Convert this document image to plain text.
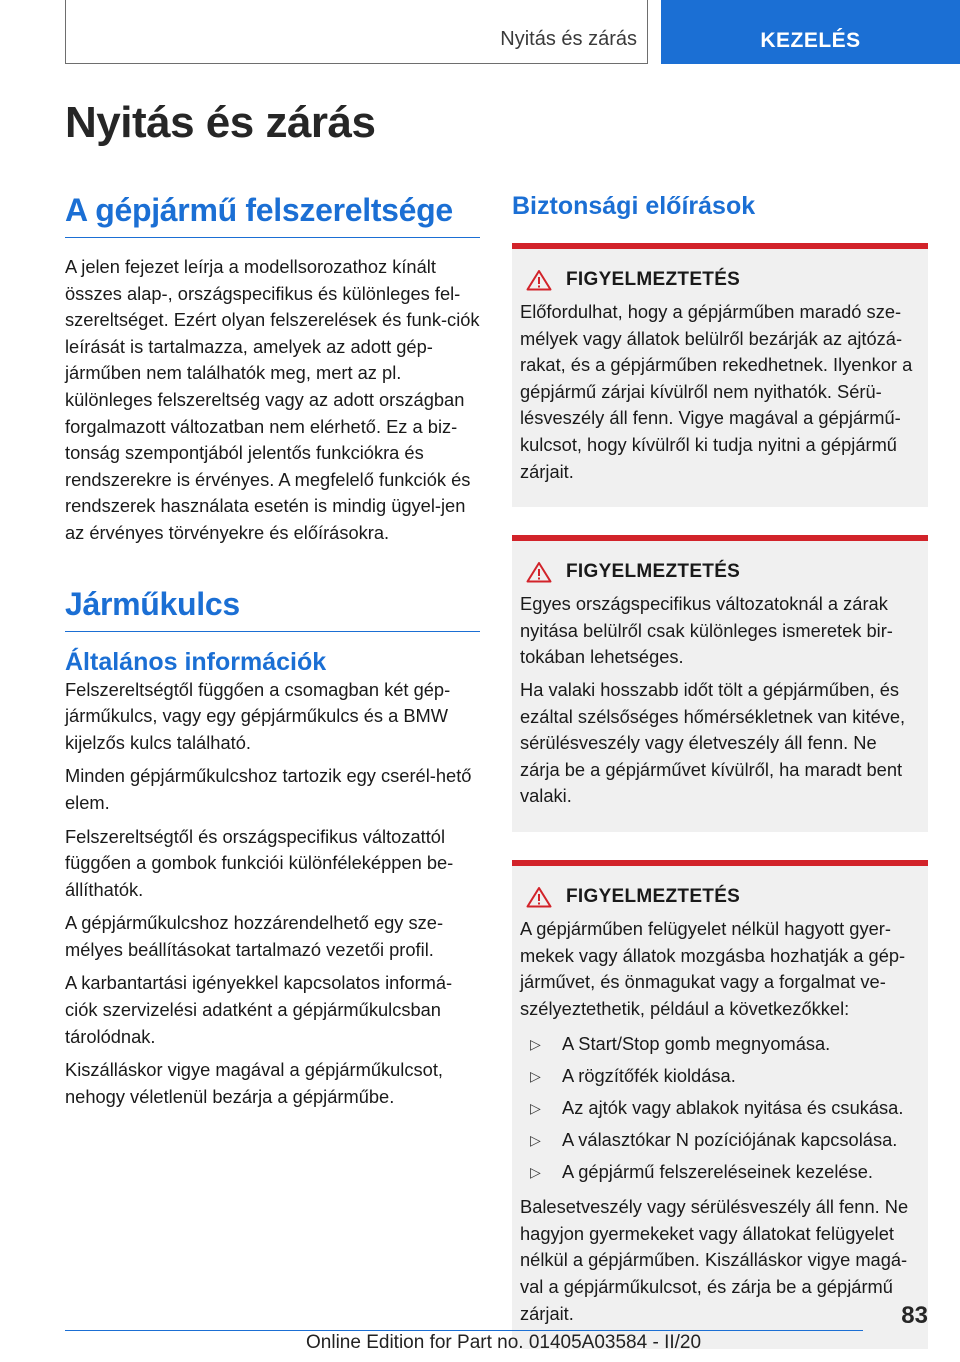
Nyitás és zárás	KEZELÉS
Nyitás és zárás
A gépjármű felszereltsége

A jelen fejezet leírja a modellsorozathoz kínált összes alap-, országspecifikus és különleges fel-szereltséget. Ezért olyan felszerelések és funk-ciók leírását is tartalmazza, amelyek az adott gép-járműben nem találhatók meg, mert az pl. különleges felszereltség vagy az adott országban forgalmazott változatban nem elérhető. Ez a biz-tonság szempontjából jelentős funkciókra és rendszerekre is érvényes. A megfelelő funkciók és rendszerek használata esetén is mindig ügyel-jen az érvényes törvényekre és előírásokra.

Járműkulcs
Általános információk

Felszereltségtől függően a csomagban két gép-járműkulcs, vagy egy gépjárműkulcs és a BMW kijelzős kulcs található.

Minden gépjárműkulcshoz tartozik egy cserél-hető elem.

Felszereltségtől és országspecifikus változattól függően a gombok funkciói különféleképpen be-állíthatók.

A gépjárműkulcshoz hozzárendelhető egy sze-mélyes beállításokat tartalmazó vezetői profil.

A karbantartási igényekkel kapcsolatos informá-ciók szervizelési adatként a gépjárműkulcsban tárolódnak.

Kiszálláskor vigye magával a gépjárműkulcsot, nehogy véletlenül bezárja a gépjárműbe.

Biztonsági előírások
FIGYELMEZTETÉS

Előfordulhat, hogy a gépjárműben maradó sze-mélyek vagy állatok belülről bezárják az ajtózá-rakat, és a gépjárműben rekedhetnek. Ilyenkor a gépjármű zárjai kívülről nem nyithatók. Sérü-lésveszély áll fenn. Vigye magával a gépjármű-kulcsot, hogy kívülről ki tudja nyitni a gépjármű zárjait.

FIGYELMEZTETÉS

Egyes országspecifikus változatoknál a zárak nyitása belülről csak különleges ismeretek bir-tokában lehetséges.

Ha valaki hosszabb időt tölt a gépjárműben, és ezáltal szélsőséges hőmérsékletnek van kitéve, sérülésveszély vagy életveszély áll fenn. Ne zárja be a gépjárművet kívülről, ha maradt bent valaki.

FIGYELMEZTETÉS

A gépjárműben felügyelet nélkül hagyott gyer-mekek vagy állatok mozgásba hozhatják a gép-járművet, és önmagukat vagy a forgalmat ve-szélyeztethetik, például a következőkkel:

▷	A Start/Stop gomb megnyomása.
▷	A rögzítőfék kioldása.
▷	Az ajtók vagy ablakok nyitása és csukása.
▷	A választókar N pozíciójának kapcsolása.
▷	A gépjármű felszereléseinek kezelése.

Balesetveszély vagy sérülésveszély áll fenn. Ne hagyjon gyermekeket vagy állatokat felügyelet nélkül a gépjárműben. Kiszálláskor vigye magá-val a gépjárműkulcsot, és zárja be a gépjármű zárjait.	83
Online Edition for Part no. 01405A03584 - II/20
